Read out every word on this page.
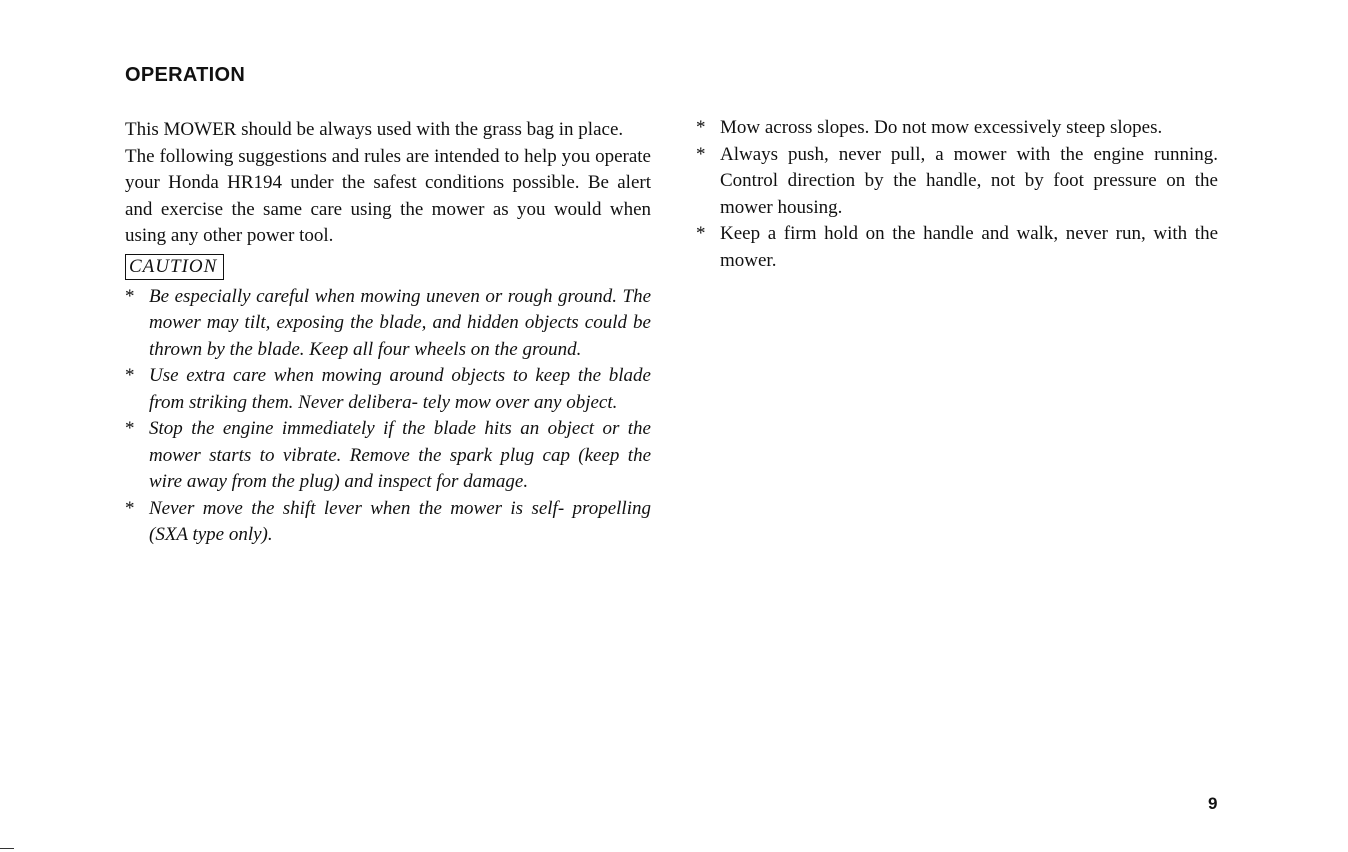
OPERATION

This MOWER should be always used with the grass bag in place.

The following suggestions and rules are intended to help you operate your Honda HR194 under the safest conditions possible. Be alert and exercise the same care using the mower as you would when using any other power tool.

CAUTION
* Be especially careful when mowing uneven or rough ground. The mower may tilt, exposing the blade, and hidden objects could be thrown by the blade. Keep all four wheels on the ground.
* Use extra care when mowing around objects to keep the blade from striking them. Never delibera- tely mow over any object.
* Stop the engine immediately if the blade hits an object or the mower starts to vibrate. Remove the spark plug cap (keep the wire away from the plug) and inspect for damage.
* Never move the shift lever when the mower is self- propelling (SXA type only).
* Mow across slopes. Do not mow excessively steep slopes.
* Always push, never pull, a mower with the engine running. Control direction by the handle, not by foot pressure on the mower housing.
* Keep a firm hold on the handle and walk, never run, with the mower.
9
